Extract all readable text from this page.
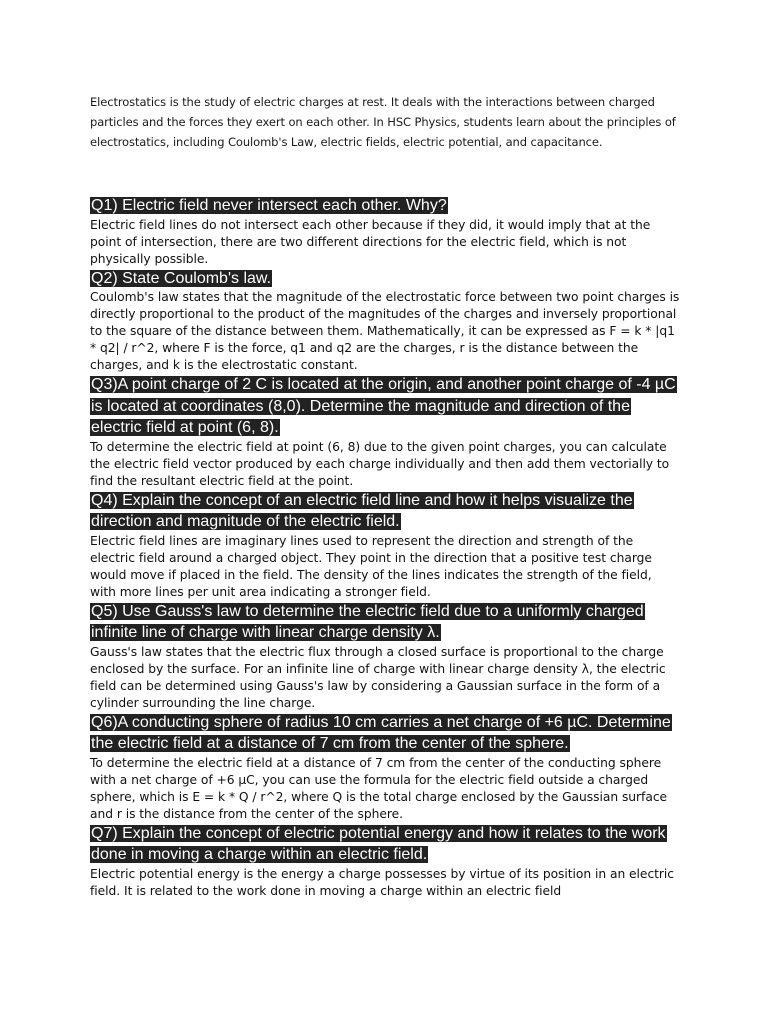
Electrostatics is the study of electric charges at rest. It deals with the interactions between charged particles and the forces they exert on each other. In HSC Physics, students learn about the principles of electrostatics, including Coulomb's Law, electric fields, electric potential, and capacitance.

Q1) Electric field never intersect each other. Why?

Electric field lines do not intersect each other because if they did, it would imply that at the point of intersection, there are two different directions for the electric field, which is not physically possible.

Q2) State Coulomb's law.

Coulomb's law states that the magnitude of the electrostatic force between two point charges is directly proportional to the product of the magnitudes of the charges and inversely proportional to the square of the distance between them. Mathematically, it can be expressed as F = k * |q1 * q2| / r^2, where F is the force, q1 and q2 are the charges, r is the distance between the charges, and k is the electrostatic constant.

Q3)A point charge of 2 C is located at the origin, and another point charge of -4 µC is located at coordinates (8,0). Determine the magnitude and direction of the electric field at point (6, 8).

To determine the electric field at point (6, 8) due to the given point charges, you can calculate the electric field vector produced by each charge individually and then add them vectorially to find the resultant electric field at the point.

Q4) Explain the concept of an electric field line and how it helps visualize the direction and magnitude of the electric field.

Electric field lines are imaginary lines used to represent the direction and strength of the electric field around a charged object. They point in the direction that a positive test charge would move if placed in the field. The density of the lines indicates the strength of the field, with more lines per unit area indicating a stronger field.

Q5) Use Gauss's law to determine the electric field due to a uniformly charged infinite line of charge with linear charge density λ.

Gauss's law states that the electric flux through a closed surface is proportional to the charge enclosed by the surface. For an infinite line of charge with linear charge density λ, the electric field can be determined using Gauss's law by considering a Gaussian surface in the form of a cylinder surrounding the line charge.

Q6)A conducting sphere of radius 10 cm carries a net charge of +6 µC. Determine the electric field at a distance of 7 cm from the center of the sphere.

To determine the electric field at a distance of 7 cm from the center of the conducting sphere with a net charge of +6 µC, you can use the formula for the electric field outside a charged sphere, which is E = k * Q / r^2, where Q is the total charge enclosed by the Gaussian surface and r is the distance from the center of the sphere.

Q7) Explain the concept of electric potential energy and how it relates to the work done in moving a charge within an electric field.

Electric potential energy is the energy a charge possesses by virtue of its position in an electric field. It is related to the work done in moving a charge within an electric field
